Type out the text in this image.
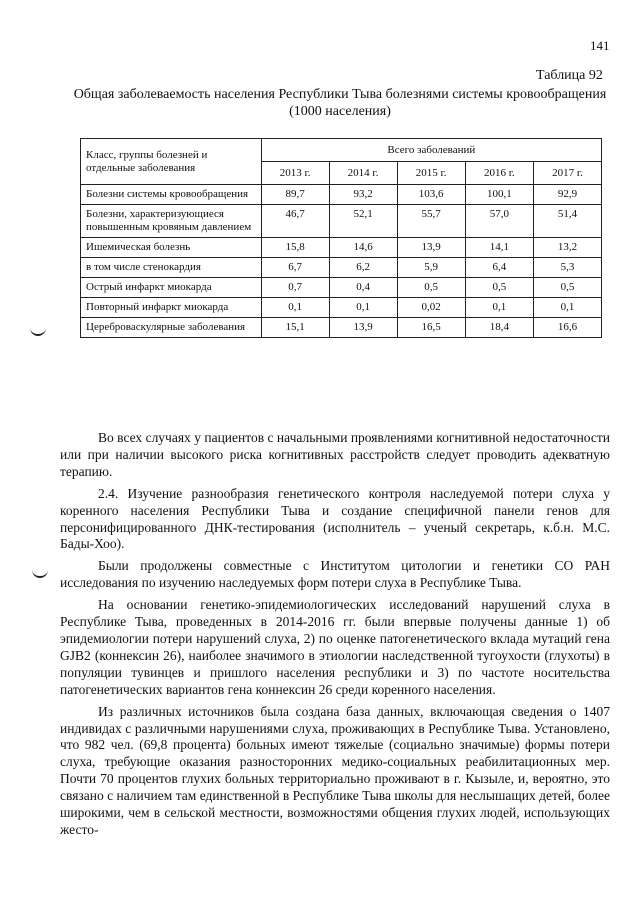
141
Таблица 92
Общая заболеваемость населения Республики Тыва болезнями системы кровообращения (1000 населения)
Класс, группы болезней и отдельные заболевания	Всего заболеваний				
	2013 г.	2014 г.	2015 г.	2016 г.	2017 г.
Болезни системы кровообращения	89,7	93,2	103,6	100,1	92,9
Болезни, характеризующиеся повышенным кровяным давлением	46,7	52,1	55,7	57,0	51,4
Ишемическая болезнь	15,8	14,6	13,9	14,1	13,2
в том числе стенокардия	6,7	6,2	5,9	6,4	5,3
Острый инфаркт миокарда	0,7	0,4	0,5	0,5	0,5
Повторный инфаркт миокарда	0,1	0,1	0,02	0,1	0,1
Цереброваскулярные заболевания	15,1	13,9	16,5	18,4	16,6

Во всех случаях у пациентов с начальными проявлениями когнитивной недостаточности или при наличии высокого риска когнитивных расстройств следует проводить адекватную терапию.

2.4. Изучение разнообразия генетического контроля наследуемой потери слуха у коренного населения Республики Тыва и создание специфичной панели генов для персонифицированного ДНК-тестирования (исполнитель – ученый секретарь, к.б.н. М.С. Бады-Хоо).

Были продолжены совместные с Институтом цитологии и генетики СО РАН исследования по изучению наследуемых форм потери слуха в Республике Тыва.

На основании генетико-эпидемиологических исследований нарушений слуха в Республике Тыва, проведенных в 2014-2016 гг. были впервые получены данные 1) об эпидемиологии потери нарушений слуха, 2) по оценке патогенетического вклада мутаций гена GJB2 (коннексин 26), наиболее значимого в этиологии наследственной тугоухости (глухоты) в популяции тувинцев и пришлого населения республики и 3) по частоте носительства патогенетических вариантов гена коннексин 26 среди коренного населения.

Из различных источников была создана база данных, включающая сведения о 1407 индивидах с различными нарушениями слуха, проживающих в Республике Тыва. Установлено, что 982 чел. (69,8 процента) больных имеют тяжелые (социально значимые) формы потери слуха, требующие оказания разносторонних медико-социальных реабилитационных мер. Почти 70 процентов глухих больных территориально проживают в г. Кызыле, и, вероятно, это связано с наличием там единственной в Республике Тыва школы для неслышащих детей, более широкими, чем в сельской местности, возможностями общения глухих людей, использующих жесто-
